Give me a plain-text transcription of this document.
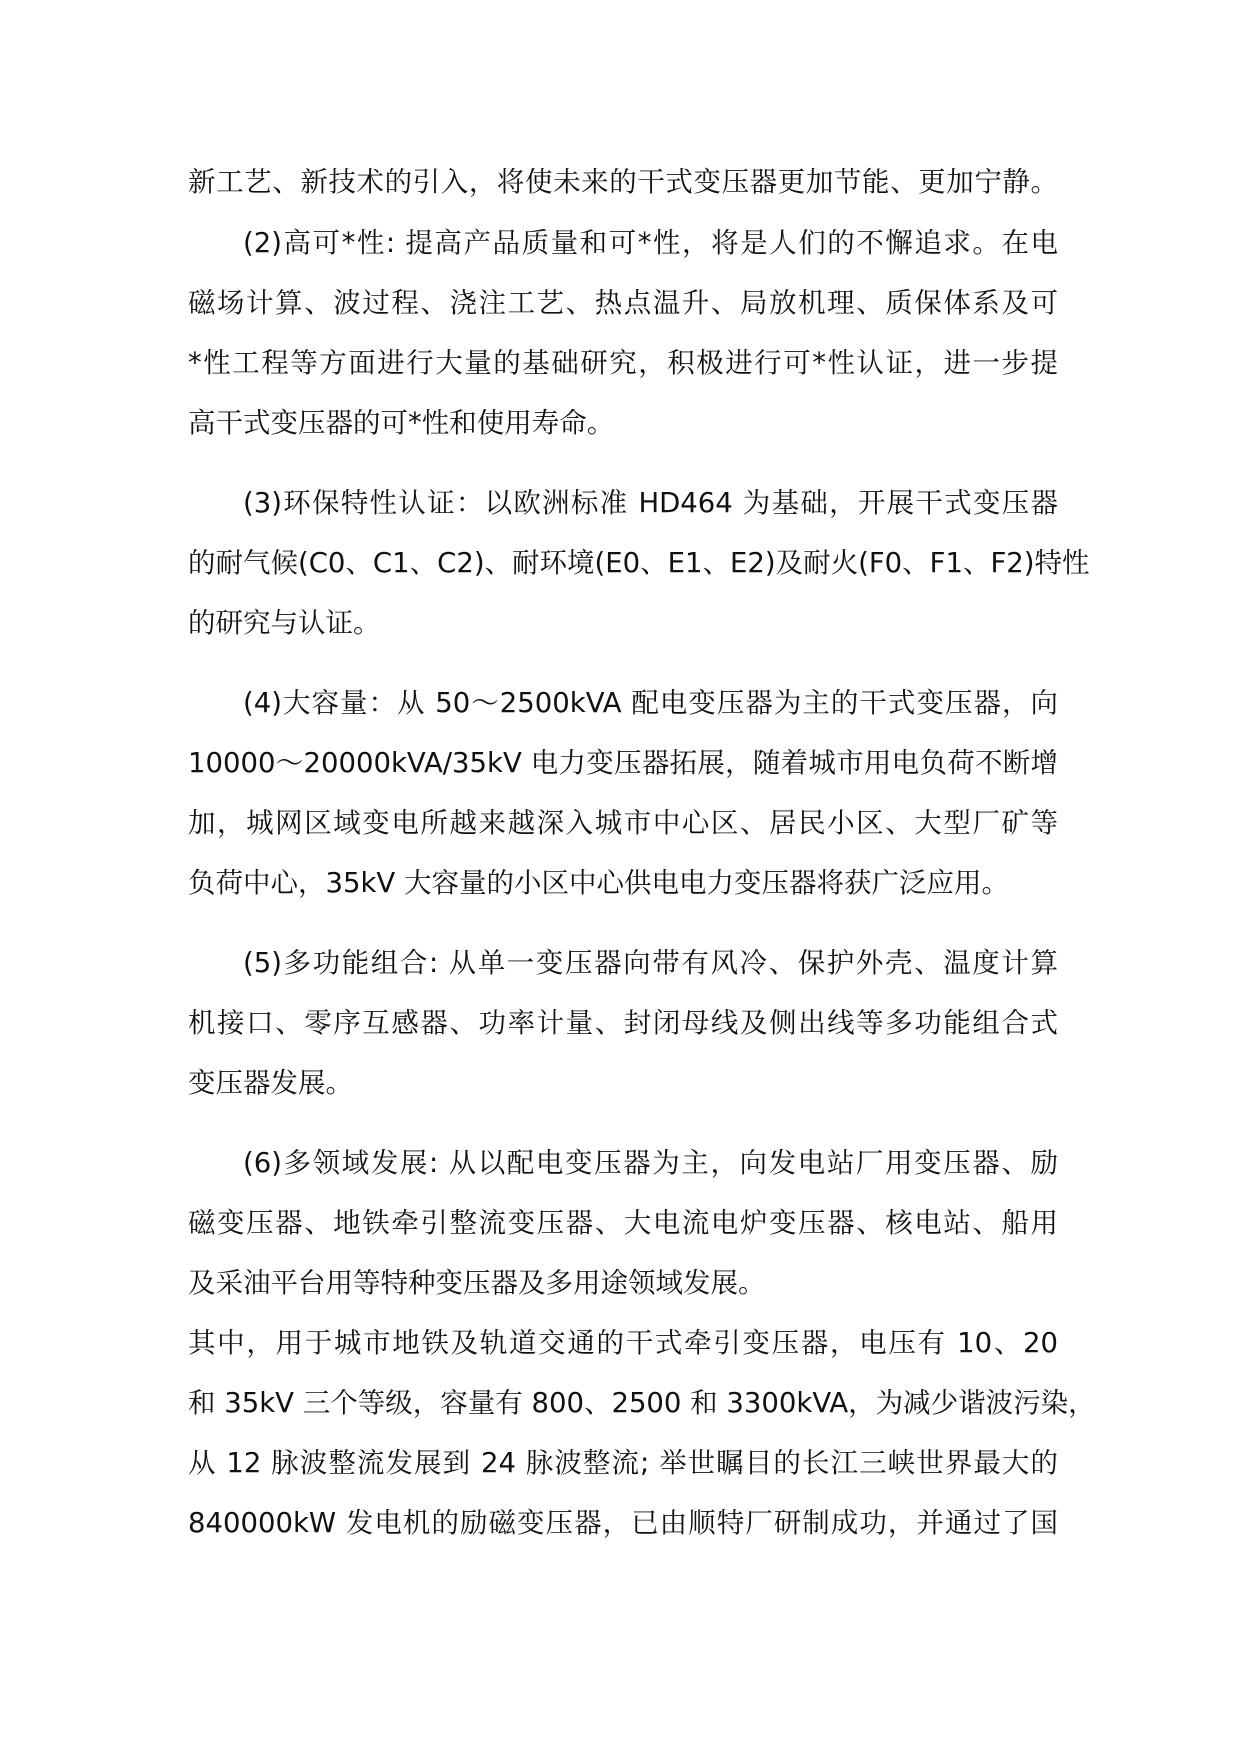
新工艺、新技术的引入，将使未来的干式变压器更加节能、更加宁静。
(2)高可*性: 提高产品质量和可*性，将是人们的不懈追求。在电
磁场计算、波过程、浇注工艺、热点温升、局放机理、质保体系及可
*性工程等方面进行大量的基础研究，积极进行可*性认证，进一步提
高干式变压器的可*性和使用寿命。
(3)环保特性认证：以欧洲标准 HD464 为基础，开展干式变压器
的耐气候(C0、C1、C2)、耐环境(E0、E1、E2)及耐火(F0、F1、F2)特性
的研究与认证。
(4)大容量：从 50～2500kVA 配电变压器为主的干式变压器，向
10000～20000kVA/35kV 电力变压器拓展，随着城市用电负荷不断增
加，城网区域变电所越来越深入城市中心区、居民小区、大型厂矿等
负荷中心，35kV 大容量的小区中心供电电力变压器将获广泛应用。
(5)多功能组合: 从单一变压器向带有风冷、保护外壳、温度计算
机接口、零序互感器、功率计量、封闭母线及侧出线等多功能组合式
变压器发展。
(6)多领域发展: 从以配电变压器为主，向发电站厂用变压器、励
磁变压器、地铁牵引整流变压器、大电流电炉变压器、核电站、船用
及采油平台用等特种变压器及多用途领域发展。
其中，用于城市地铁及轨道交通的干式牵引变压器，电压有 10、20
和 35kV 三个等级，容量有 800、2500 和 3300kVA，为减少谐波污染，
从 12 脉波整流发展到 24 脉波整流; 举世瞩目的长江三峡世界最大的
840000kW 发电机的励磁变压器，已由顺特厂研制成功，并通过了国
